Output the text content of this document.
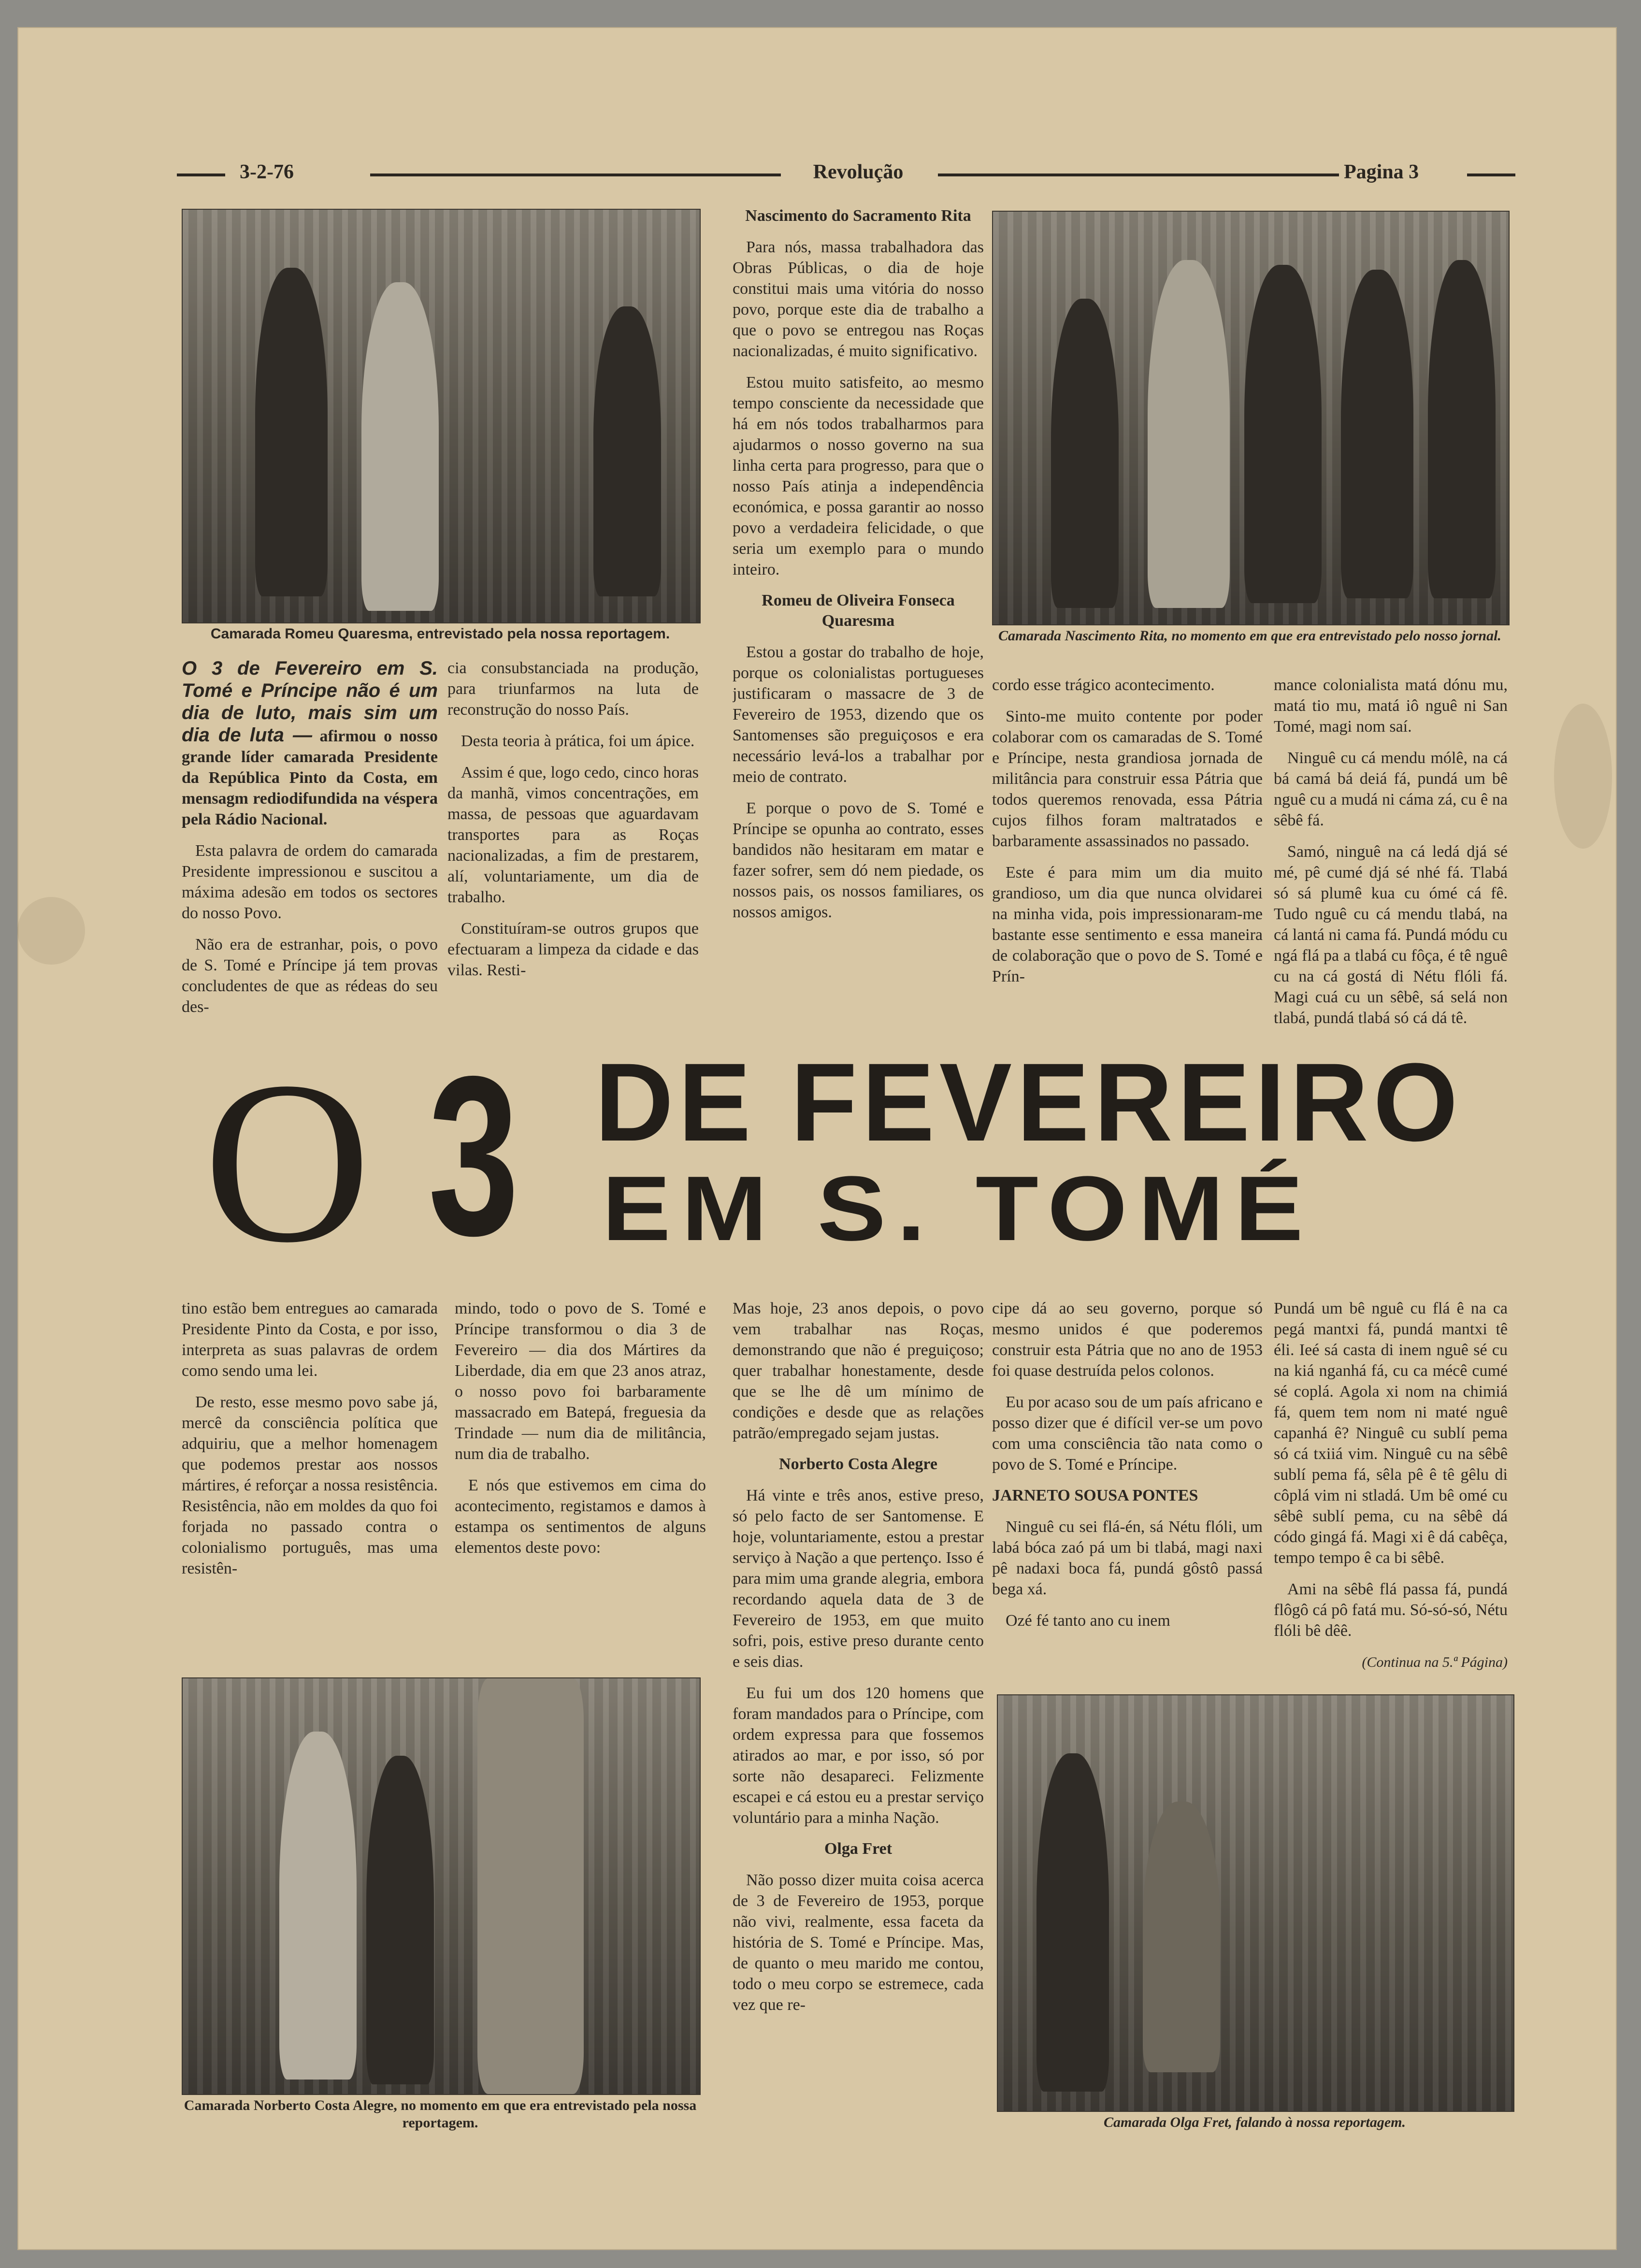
3-2-76	Revolução	Pagina 3
Camarada Romeu Quaresma, entrevistado pela nossa reportagem.	Camarada Nascimento Rita, no momento em que era entrevistado pelo nosso jornal.

O 3 de Fevereiro em S. Tomé e Príncipe não é um dia de luto, mais sim um dia de luta — afirmou o nosso grande líder camarada Presidente da República Pinto da Costa, em mensagm rediodifundida na véspera pela Rádio Nacional.

Esta palavra de ordem do camarada Presidente impressionou e suscitou a máxima adesão em todos os sectores do nosso Povo.

Não era de estranhar, pois, o povo de S. Tomé e Príncipe já tem provas concludentes de que as rédeas do seu des-

cia consubstanciada na produção, para triunfarmos na luta de reconstrução do nosso País.

Desta teoria à prática, foi um ápice.

Assim é que, logo cedo, cinco horas da manhã, vimos concentrações, em massa, de pessoas que aguardavam transportes para as Roças nacionalizadas, a fim de prestarem, alí, voluntariamente, um dia de trabalho.

Constituíram-se outros grupos que efectuaram a limpeza da cidade e das vilas. Resti-

Nascimento do Sacramento Rita

Para nós, massa trabalhadora das Obras Públicas, o dia de hoje constitui mais uma vitória do nosso povo, porque este dia de trabalho a que o povo se entregou nas Roças nacionalizadas, é muito significativo.

Estou muito satisfeito, ao mesmo tempo consciente da necessidade que há em nós todos trabalharmos para ajudarmos o nosso governo na sua linha certa para progresso, para que o nosso País atinja a independência económica, e possa garantir ao nosso povo a verdadeira felicidade, o que seria um exemplo para o mundo inteiro.

Romeu de Oliveira Fonseca Quaresma

Estou a gostar do trabalho de hoje, porque os colonialistas portugueses justificaram o massacre de 3 de Fevereiro de 1953, dizendo que os Santomenses são preguiçosos e era necessário levá-los a trabalhar por meio de contrato.

E porque o povo de S. Tomé e Príncipe se opunha ao contrato, esses bandidos não hesitaram em matar e fazer sofrer, sem dó nem piedade, os nossos pais, os nossos familiares, os nossos amigos.

cordo esse trágico acontecimento.

Sinto-me muito contente por poder colaborar com os camaradas de S. Tomé e Príncipe, nesta grandiosa jornada de militância para construir essa Pátria que todos queremos renovada, essa Pátria cujos filhos foram maltratados e barbaramente assassinados no passado.

Este é para mim um dia muito grandioso, um dia que nunca olvidarei na minha vida, pois impressionaram-me bastante esse sentimento e essa maneira de colaboração que o povo de S. Tomé e Prín-

mance colonialista matá dónu mu, matá tio mu, matá iô nguê ni San Tomé, magi nom saí.

Ninguê cu cá mendu mólê, na cá bá camá bá deiá fá, pundá um bê nguê cu a mudá ni cáma zá, cu ê na sêbê fá.

Samó, ninguê na cá ledá djá sé mé, pê cumé djá sé nhé fá. Tlabá só sá plumê kua cu ómé cá fê. Tudo nguê cu cá mendu tlabá, na cá lantá ni cama fá. Pundá módu cu ngá flá pa a tlabá cu fôça, é tê nguê cu na cá gostá di Nétu flóli fá. Magi cuá cu un sêbê, sá selá non tlabá, pundá tlabá só cá dá tê.

O 3 DE FEVEREIRO
EM S. TOMÉ

tino estão bem entregues ao camarada Presidente Pinto da Costa, e por isso, interpreta as suas palavras de ordem como sendo uma lei.

De resto, esse mesmo povo sabe já, mercê da consciência política que adquiriu, que a melhor homenagem que podemos prestar aos nossos mártires, é reforçar a nossa resistência. Resistência, não em moldes da quo foi forjada no passado contra o colonialismo português, mas uma resistên-

mindo, todo o povo de S. Tomé e Príncipe transformou o dia 3 de Fevereiro — dia dos Mártires da Liberdade, dia em que 23 anos atraz, o nosso povo foi barbaramente massacrado em Batepá, freguesia da Trindade — num dia de militância, num dia de trabalho.

E nós que estivemos em cima do acontecimento, registamos e damos à estampa os sentimentos de alguns elementos deste povo:

Mas hoje, 23 anos depois, o povo vem trabalhar nas Roças, demonstrando que não é preguiçoso; quer trabalhar honestamente, desde que se lhe dê um mínimo de condições e desde que as relações patrão/empregado sejam justas.

Norberto Costa Alegre

Há vinte e três anos, estive preso, só pelo facto de ser Santomense. E hoje, voluntariamente, estou a prestar serviço à Nação a que pertenço. Isso é para mim uma grande alegria, embora recordando aquela data de 3 de Fevereiro de 1953, em que muito sofri, pois, estive preso durante cento e seis dias.

Eu fui um dos 120 homens que foram mandados para o Príncipe, com ordem expressa para que fossemos atirados ao mar, e por isso, só por sorte não desapareci. Felizmente escapei e cá estou eu a prestar serviço voluntário para a minha Nação.

Olga Fret

Não posso dizer muita coisa acerca de 3 de Fevereiro de 1953, porque não vivi, realmente, essa faceta da história de S. Tomé e Príncipe. Mas, de quanto o meu marido me contou, todo o meu corpo se estremece, cada vez que re-

cipe dá ao seu governo, porque só mesmo unidos é que poderemos construir esta Pátria que no ano de 1953 foi quase destruída pelos colonos.

Eu por acaso sou de um país africano e posso dizer que é difícil ver-se um povo com uma consciência tão nata como o povo de S. Tomé e Príncipe.

JARNETO SOUSA PONTES

Ninguê cu sei flá-én, sá Nétu flóli, um labá bóca zaó pá um bi tlabá, magi naxi pê nadaxi boca fá, pundá gôstô passá bega xá.

Ozé fé tanto ano cu inem

Pundá um bê nguê cu flá ê na ca pegá mantxi fá, pundá mantxi tê éli. Ieé sá casta di inem nguê sé cu na kiá nganhá fá, cu ca mécê cumé sé coplá. Agola xi nom na chimiá fá, quem tem nom ni maté nguê capanhá ê? Ninguê cu sublí pema só cá txiiá vim. Ninguê cu na sêbê sublí pema fá, sêla pê ê tê gêlu di côplá vim ni stladá. Um bê omé cu sêbê sublí pema, cu na sêbê dá códo gingá fá. Magi xi ê dá cabêça, tempo tempo ê ca bi sêbê.

Ami na sêbê flá passa fá, pundá flôgô cá pô fatá mu. Só-só-só, Nétu flóli bê dêê.

(Continua na 5.ª Página)
Camarada Norberto Costa Alegre, no momento em que era entrevistado pela nossa reportagem.	Camarada Olga Fret, falando à nossa reportagem.
